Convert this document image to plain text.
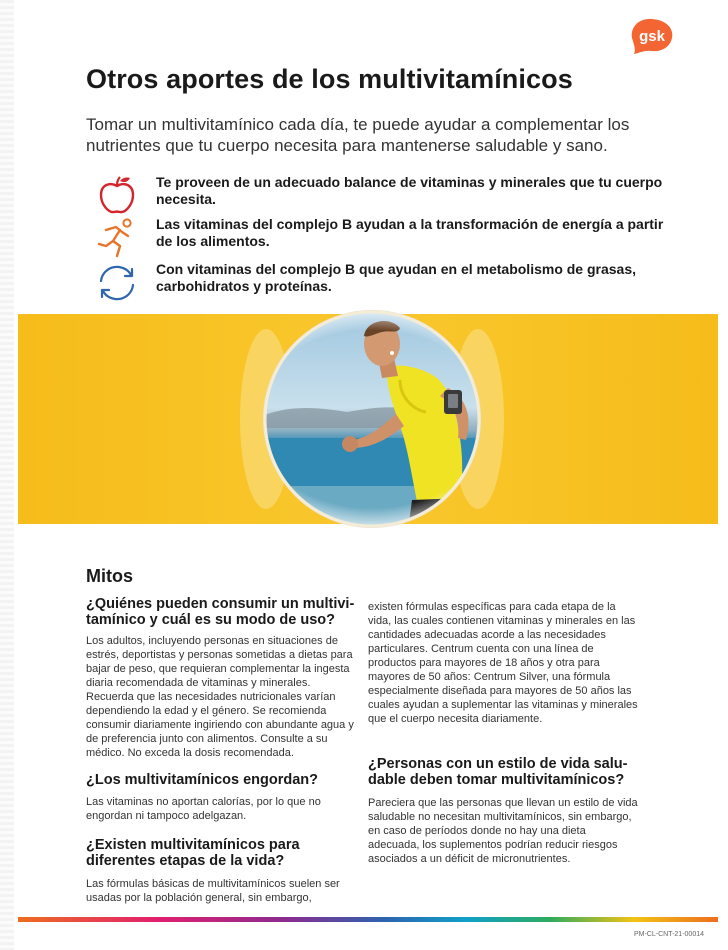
gsk
Otros aportes de los multivitamínicos

Tomar un multivitamínico cada día, te puede ayudar a complementar los nutrientes que tu cuerpo necesita para mantenerse saludable y sano.

Te proveen de un adecuado balance de vitaminas y minerales que tu cuerpo necesita.
Las vitaminas del complejo B ayudan a la transformación de energía a partir de los alimentos.
Con vitaminas del complejo B que ayudan en el metabolismo de grasas, carbohidratos y proteínas.
Mitos

¿Quiénes pueden consumir un multivi-tamínico y cuál es su modo de uso?

Los adultos, incluyendo personas en situaciones de estrés, deportistas y personas sometidas a dietas para bajar de peso, que requieran complementar la ingesta diaria recomendada de vitaminas y minerales. Recuerda que las necesidades nutricionales varían dependiendo la edad y el género. Se recomienda consumir diariamente ingiriendo con abundante agua y de preferencia junto con alimentos. Consulte a su médico. No exceda la dosis recomendada.

¿Los multivitamínicos engordan?

Las vitaminas no aportan calorías, por lo que no engordan ni tampoco adelgazan.

¿Existen multivitamínicos para diferentes etapas de la vida?

Las fórmulas básicas de multivitamínicos suelen ser usadas por la población general, sin embargo,

existen fórmulas específicas para cada etapa de la vida, las cuales contienen vitaminas y minerales en las cantidades adecuadas acorde a las necesidades particulares. Centrum cuenta con una línea de productos para mayores de 18 años y otra para mayores de 50 años: Centrum Silver, una fórmula especialmente diseñada para mayores de 50 años las cuales ayudan a suplementar las vitaminas y minerales que el cuerpo necesita diariamente.

¿Personas con un estilo de vida salu-dable deben tomar multivitamínicos?

Pareciera que las personas que llevan un estilo de vida saludable no necesitan multivitamínicos, sin embargo, en caso de períodos donde no hay una dieta adecuada, los suplementos podrían reducir riesgos asociados a un déficit de micronutrientes.

PM-CL-CNT-21-00014
